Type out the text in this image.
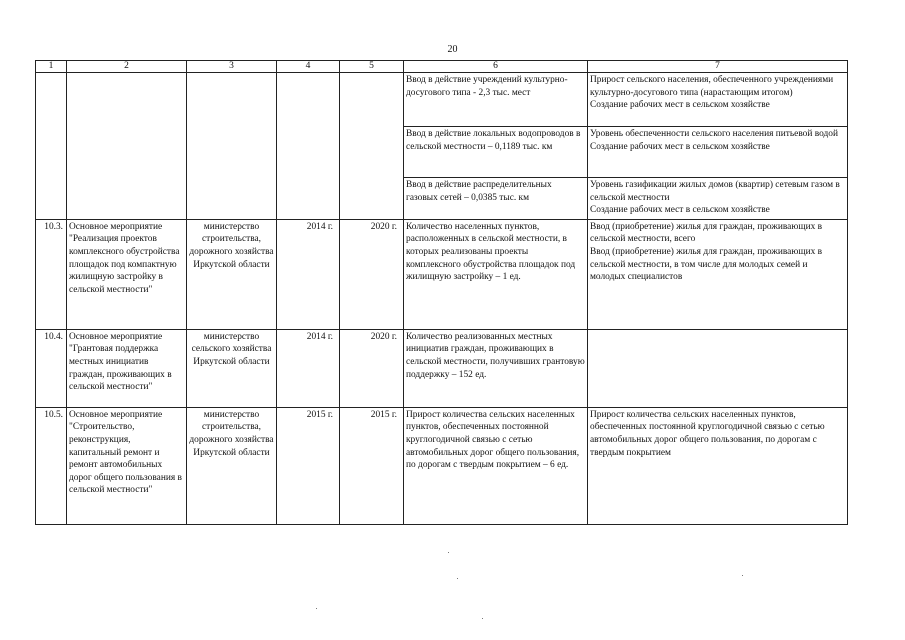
20
1	2	3	4	5	6	7
					Ввод в действие учреждений культурно-досугового типа - 2,3 тыс. мест	Прирост сельского населения, обеспеченного учреждениями культурно-досугового типа (нарастающим итогом)
Создание рабочих мест в сельском хозяйстве

					Ввод в действие локальных водопроводов в сельской местности – 0,1189 тыс. км	Уровень обеспеченности сельского населения питьевой водой
Создание рабочих мест в сельском хозяйстве

					Ввод в действие распределительных газовых сетей – 0,0385 тыс. км	Уровень газификации жилых домов (квартир) сетевым газом в сельской местности
Создание рабочих мест в сельском хозяйстве

10.3.	Основное мероприятие "Реализация проектов комплексного обустройства площадок под компактную жилищную застройку в сельской местности"	министерство строительства, дорожного хозяйства Иркутской области	2014 г.	2020 г.	Количество населенных пунктов, расположенных в сельской местности, в которых реализованы проекты комплексного обустройства площадок под жилищную застройку – 1 ед.	Ввод (приобретение) жилья для граждан, проживающих в сельской местности, всего
Ввод (приобретение) жилья для граждан, проживающих в сельской местности, в том числе для молодых семей и молодых специалистов

10.4.	Основное мероприятие "Грантовая поддержка местных инициатив граждан, проживающих в сельской местности"	министерство сельского хозяйства Иркутской области	2014 г.	2020 г.	Количество реализованных местных инициатив граждан, проживающих в сельской местности, получивших грантовую поддержку – 152 ед.	
10.5.	Основное мероприятие "Строительство, реконструкция, капитальный ремонт и ремонт автомобильных дорог общего пользования в сельской местности"	министерство строительства, дорожного хозяйства Иркутской области	2015 г.	2015 г.	Прирост количества сельских населенных пунктов, обеспеченных постоянной круглогодичной связью с сетью автомобильных дорог общего пользования, по дорогам с твердым покрытием – 6 ед.	Прирост количества сельских населенных пунктов, обеспеченных постоянной круглогодичной связью с сетью автомобильных дорог общего пользования, по дорогам с твердым покрытием
